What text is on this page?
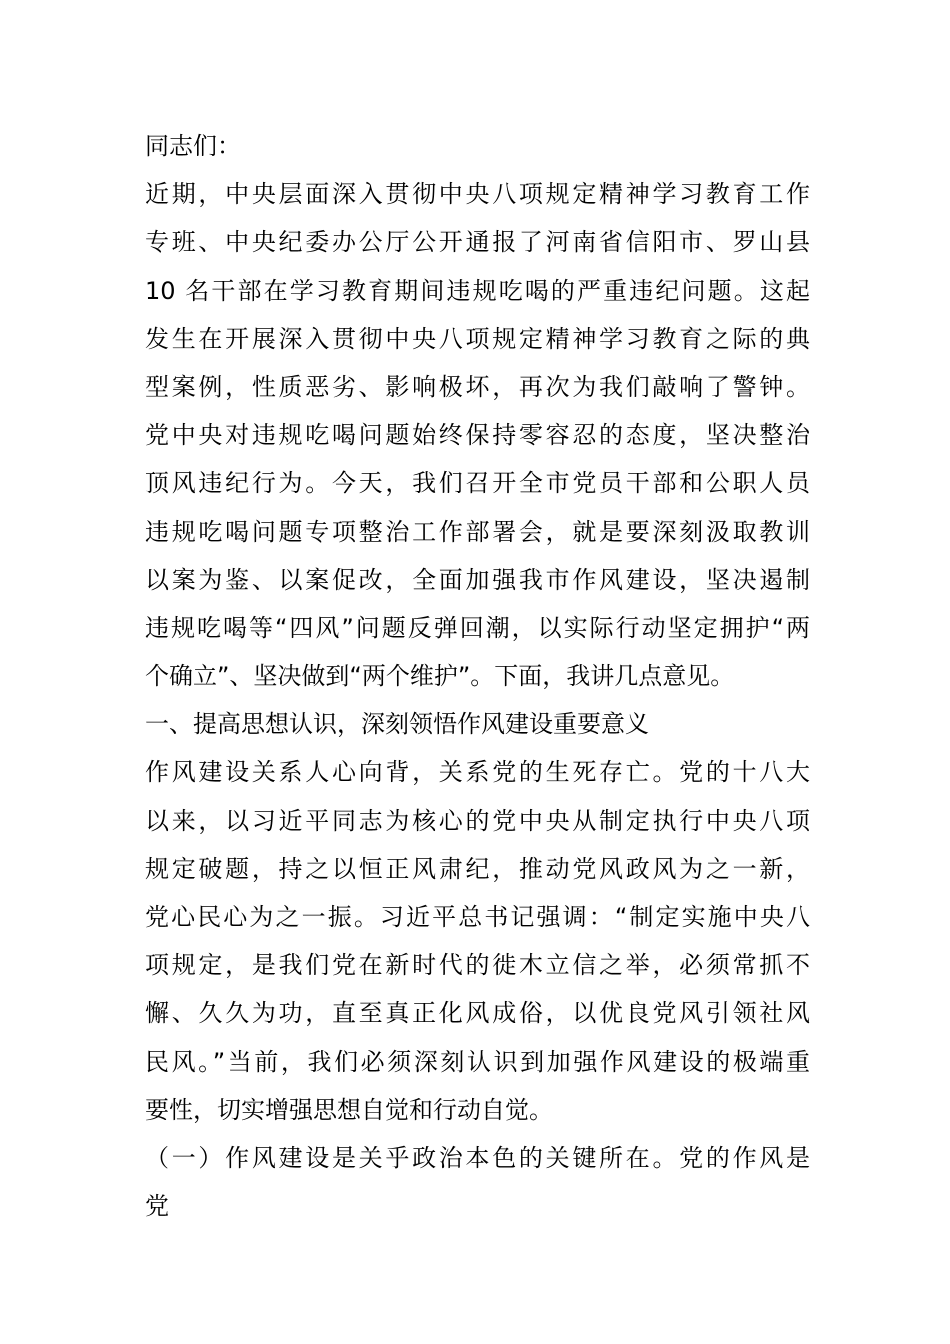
同志们：
近期，中央层面深入贯彻中央八项规定精神学习教育工作
专班、中央纪委办公厅公开通报了河南省信阳市、罗山县
10 名干部在学习教育期间违规吃喝的严重违纪问题。这起
发生在开展深入贯彻中央八项规定精神学习教育之际的典
型案例，性质恶劣、影响极坏，再次为我们敲响了警钟。
党中央对违规吃喝问题始终保持零容忍的态度，坚决整治
顶风违纪行为。今天，我们召开全市党员干部和公职人员
违规吃喝问题专项整治工作部署会，就是要深刻汲取教训
以案为鉴、以案促改，全面加强我市作风建设，坚决遏制
违规吃喝等“四风”问题反弹回潮，以实际行动坚定拥护“两
个确立”、坚决做到“两个维护”。下面，我讲几点意见。
一、提高思想认识，深刻领悟作风建设重要意义
作风建设关系人心向背，关系党的生死存亡。党的十八大
以来，以习近平同志为核心的党中央从制定执行中央八项
规定破题，持之以恒正风肃纪，推动党风政风为之一新，
党心民心为之一振。习近平总书记强调：“制定实施中央八
项规定，是我们党在新时代的徙木立信之举，必须常抓不
懈、久久为功，直至真正化风成俗，以优良党风引领社风
民风。”当前，我们必须深刻认识到加强作风建设的极端重
要性，切实增强思想自觉和行动自觉。
（一）作风建设是关乎政治本色的关键所在。党的作风是
党
